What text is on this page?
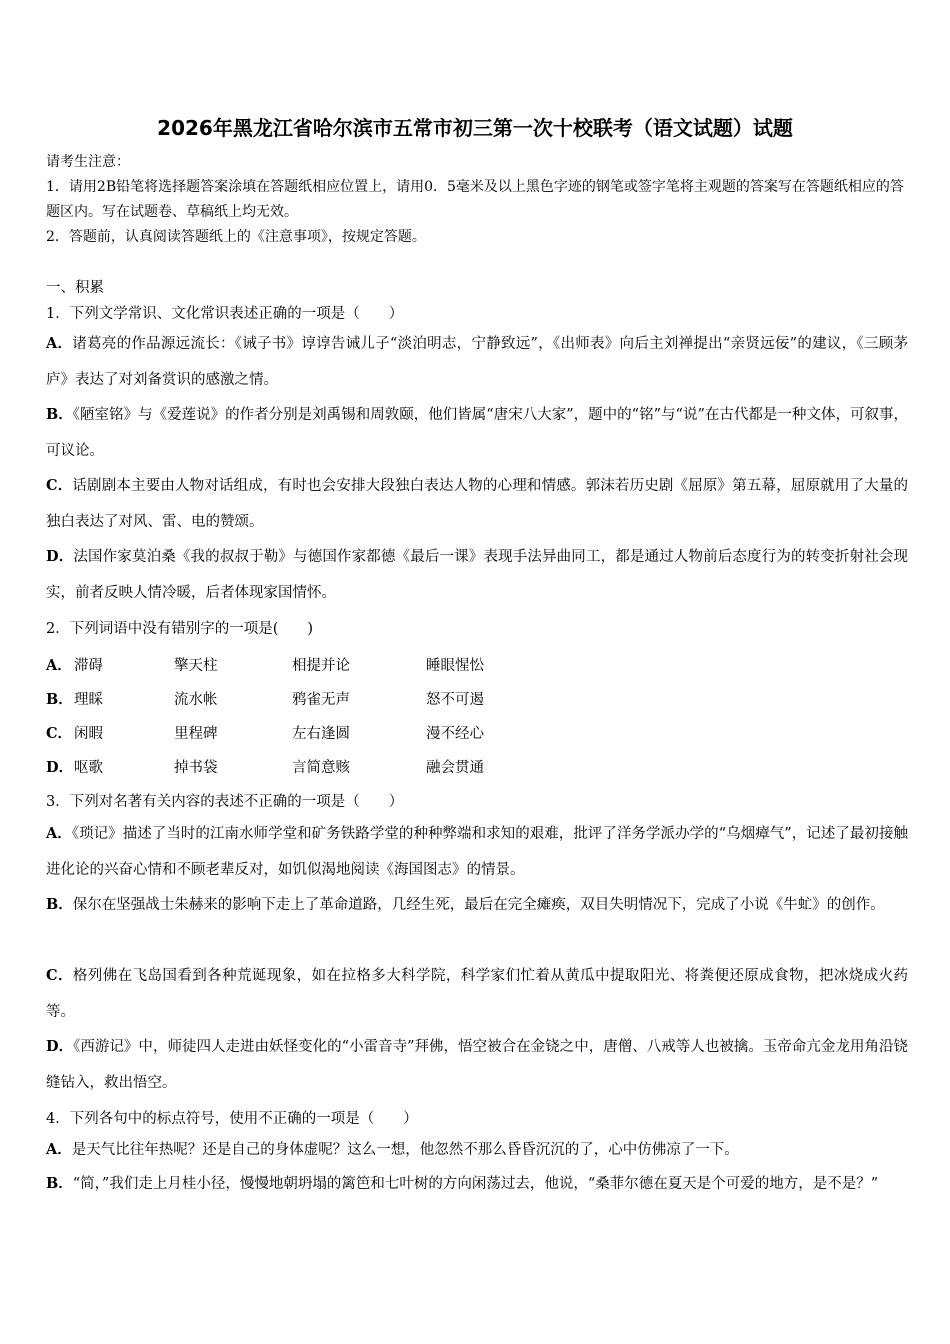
2026年黑龙江省哈尔滨市五常市初三第一次十校联考（语文试题）试题
请考生注意：
1．请用2B铅笔将选择题答案涂填在答题纸相应位置上，请用0．5毫米及以上黑色字迹的钢笔或签字笔将主观题的答案写在答题纸相应的答题区内。写在试题卷、草稿纸上均无效。
2．答题前，认真阅读答题纸上的《注意事项》，按规定答题。
一、积累
1．下列文学常识、文化常识表述正确的一项是（　　）
A．诸葛亮的作品源远流长：《诫子书》谆谆告诫儿子“淡泊明志，宁静致远”，《出师表》向后主刘禅提出“亲贤远佞”的建议，《三顾茅庐》表达了对刘备赏识的感激之情。
B．《陋室铭》与《爱莲说》的作者分别是刘禹锡和周敦颐，他们皆属“唐宋八大家”，题中的“铭”与“说”在古代都是一种文体，可叙事，可议论。
C．话剧剧本主要由人物对话组成，有时也会安排大段独白表达人物的心理和情感。郭沫若历史剧《屈原》第五幕，屈原就用了大量的独白表达了对风、雷、电的赞颂。
D．法国作家莫泊桑《我的叔叔于勒》与德国作家都德《最后一课》表现手法异曲同工，都是通过人物前后态度行为的转变折射社会现实，前者反映人情冷暖，后者体现家国情怀。
2．下列词语中没有错别字的一项是(　　)
A． 滞碍	擎天柱	相提并论	睡眼惺忪
B． 理睬	流水帐	鸦雀无声	怒不可遏
C． 闲暇	里程碑	左右逢圆	漫不经心
D． 呕歌	掉书袋	言简意赅	融会贯通
3．下列对名著有关内容的表述不正确的一项是（　　）
A．《琐记》描述了当时的江南水师学堂和矿务铁路学堂的种种弊端和求知的艰难，批评了洋务学派办学的“乌烟瘴气”，记述了最初接触进化论的兴奋心情和不顾老辈反对，如饥似渴地阅读《海国图志》的情景。
B．保尔在坚强战士朱赫来的影响下走上了革命道路，几经生死，最后在完全瘫痪，双目失明情况下，完成了小说《牛虻》的创作。
C．格列佛在飞岛国看到各种荒诞现象，如在拉格多大科学院，科学家们忙着从黄瓜中提取阳光、将粪便还原成食物，把冰烧成火药等。
D．《西游记》中，师徒四人走进由妖怪变化的“小雷音寺”拜佛，悟空被合在金铙之中，唐僧、八戒等人也被擒。玉帝命亢金龙用角沿铙缝钻入，救出悟空。
4．下列各句中的标点符号，使用不正确的一项是（　　）
A．是天气比往年热呢？还是自己的身体虚呢？这么一想，他忽然不那么昏昏沉沉的了，心中仿佛凉了一下。
B．“简，”我们走上月桂小径，慢慢地朝坍塌的篱笆和七叶树的方向闲荡过去，他说，“桑菲尔德在夏天是个可爱的地方，是不是？”
